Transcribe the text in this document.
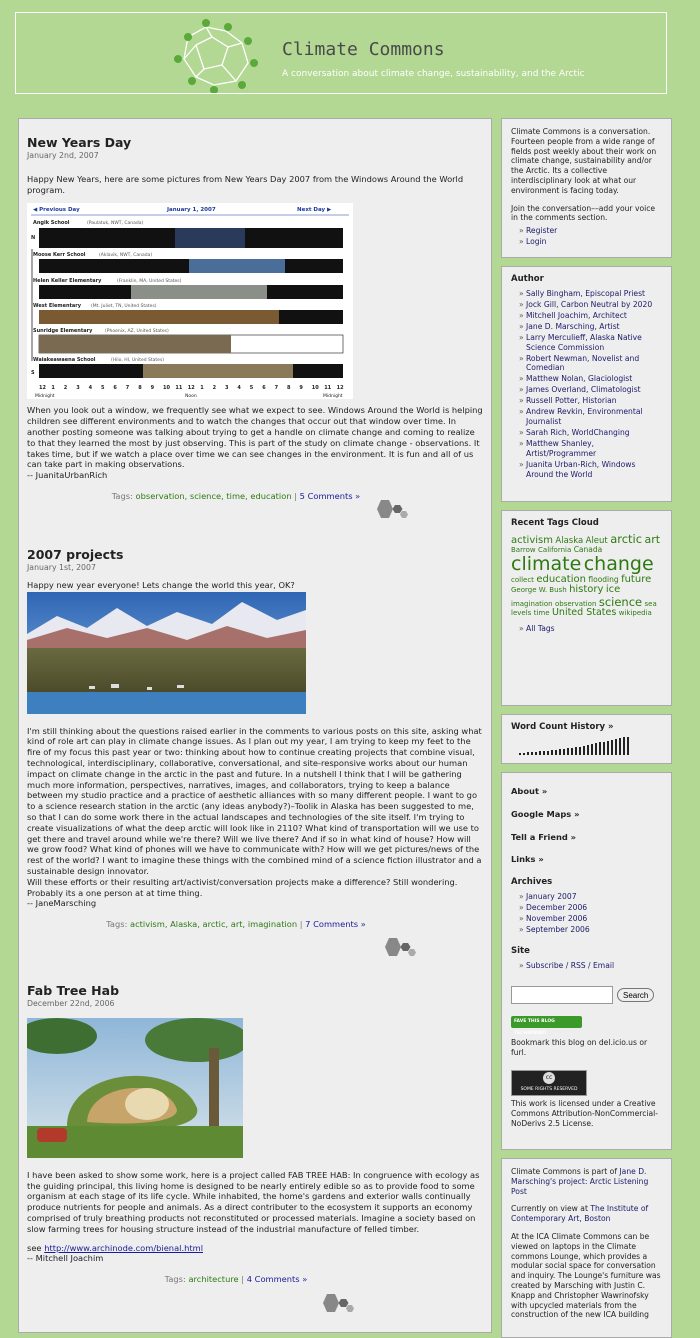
Climate Commons
A conversation about climate change, sustainability, and the Arctic
New Years Day
January 2nd, 2007

Happy New Years, here are some pictures from New Years Day 2007 from the Windows Around the World program.

◀ Previous Day	January 1, 2007	Next Day ▶
Angik School	(Paulatuk, NWT, Canada)
N
Moose Kerr School	(Aklavik, NWT, Canada)
Helen Keller Elementary	(Franklin, MA, United States)
West Elementary (Mt. Juliet, TN, United States)
Sunridge Elementary	(Phoenix, AZ, United States)
Waiakeawaena School	(Hilo, HI, United States)
S
12 1 2 3 4 5 6 7 8 9 10 11 12 1 2 3 4 5 6 7 8 9 10 11 12
Midnight	Noon	Midnight

When you look out a window, we frequently see what we expect to see. Windows Around the World is helping children see different environments and to watch the changes that occur out that window over time. In another posting someone was talking about trying to get a handle on climate change and coming to realize to that they learned the most by just observing. This is part of the study on climate change - observations. It takes time, but if we watch a place over time we can see changes in the environment. It is fun and all of us can take part in making observations.

-- JuanitaUrbanRich

Tags: observation, science, time, education | 5 Comments »
2007 projects
January 1st, 2007

Happy new year everyone! Lets change the world this year, OK?

I'm still thinking about the questions raised earlier in the comments to various posts on this site, asking what kind of role art can play in climate change issues. As I plan out my year, I am trying to keep my feet to the fire of my focus this past year or two: thinking about how to continue creating projects that combine visual, technological, interdisciplinary, collaborative, conversational, and site-responsive works about our human impact on climate change in the arctic in the past and future. In a nutshell I think that I will be gathering much more information, perspectives, narratives, images, and collaborators, trying to keep a balance between my studio practice and a practice of aesthetic alliances with so many different people. I want to go to a science research station in the arctic (any ideas anybody?)–Toolik in Alaska has been suggested to me, so that I can do some work there in the actual landscapes and technologies of the site itself. I'm trying to create visualizations of what the deep arctic will look like in 2110? What kind of transportation will we use to get there and travel around while we're there? Will we live there? And if so in what kind of house? How will we grow food? What kind of phones will we have to communicate with? How will we get pictures/news of the rest of the world? I want to imagine these things with the combined mind of a science fiction illustrator and a sustainable design innovator.

Will these efforts or their resulting art/activist/conversation projects make a difference? Still wondering. Probably its a one person at at time thing.

-- JaneMarsching

Tags: activism, Alaska, arctic, art, imagination | 7 Comments »
Fab Tree Hab
December 22nd, 2006

I have been asked to show some work, here is a project called FAB TREE HAB: In congruence with ecology as the guiding principal, this living home is designed to be nearly entirely edible so as to provide food to some organism at each stage of its life cycle. While inhabited, the home's gardens and exterior walls continually produce nutrients for people and animals. As a direct contributer to the ecosystem it supports an economy comprised of truly breathing products not reconstituted or processed materials. Imagine a society based on slow farming trees for housing structure instead of the industrial manufacture of felled timber.

see http://www.archinode.com/bienal.html

-- Mitchell Joachim

Tags: architecture | 4 Comments »

Climate Commons is a conversation. Fourteen people from a wide range of fields post weekly about their work on climate change, sustainability and/or the Arctic. Its a collective interdisciplinary look at what our environment is facing today.

Join the conversation––add your voice in the comments section.

» Register
» Login
Author
» Sally Bingham, Episcopal Priest
» Jock Gill, Carbon Neutral by 2020
» Mitchell Joachim, Architect
» Jane D. Marsching, Artist
» Larry Merculieff, Alaska Native Science Commission
» Robert Newman, Novelist and Comedian
» Matthew Nolan, Glaciologist
» James Overland, Climatologist
» Russell Potter, Historian
» Andrew Revkin, Environmental Journalist
» Sarah Rich, WorldChanging
» Matthew Shanley, Artist/Programmer
» Juanita Urban-Rich, Windows Around the World
Recent Tags Cloud
activism Alaska Aleut arctic art Barrow California Canada climate change collect education flooding future George W. Bush history ice imagination observation science sea levels time United States wikipedia
» All Tags
Word Count History »
About »
Google Maps »
Tell a Friend »
Links »
Archives
» January 2007
» December 2006
» November 2006
» September 2006
Site
» Subscribe / RSS / Email
Search
FAVE THIS BLOG TECHNORATI

Bookmark this blog on del.icio.us or furl.

cc
SOME RIGHTS RESERVED

This work is licensed under a Creative Commons Attribution-NonCommercial-NoDerivs 2.5 License.

Climate Commons is part of Jane D. Marsching's project: Arctic Listening Post

Currently on view at The Institute of Contemporary Art, Boston

At the ICA Climate Commons can be viewed on laptops in the Climate commons Lounge, which provides a modular social space for conversation and inquiry. The Lounge's furniture was created by Marsching with Justin C. Knapp and Christopher Wawrinofsky with upcycled materials from the construction of the new ICA building
